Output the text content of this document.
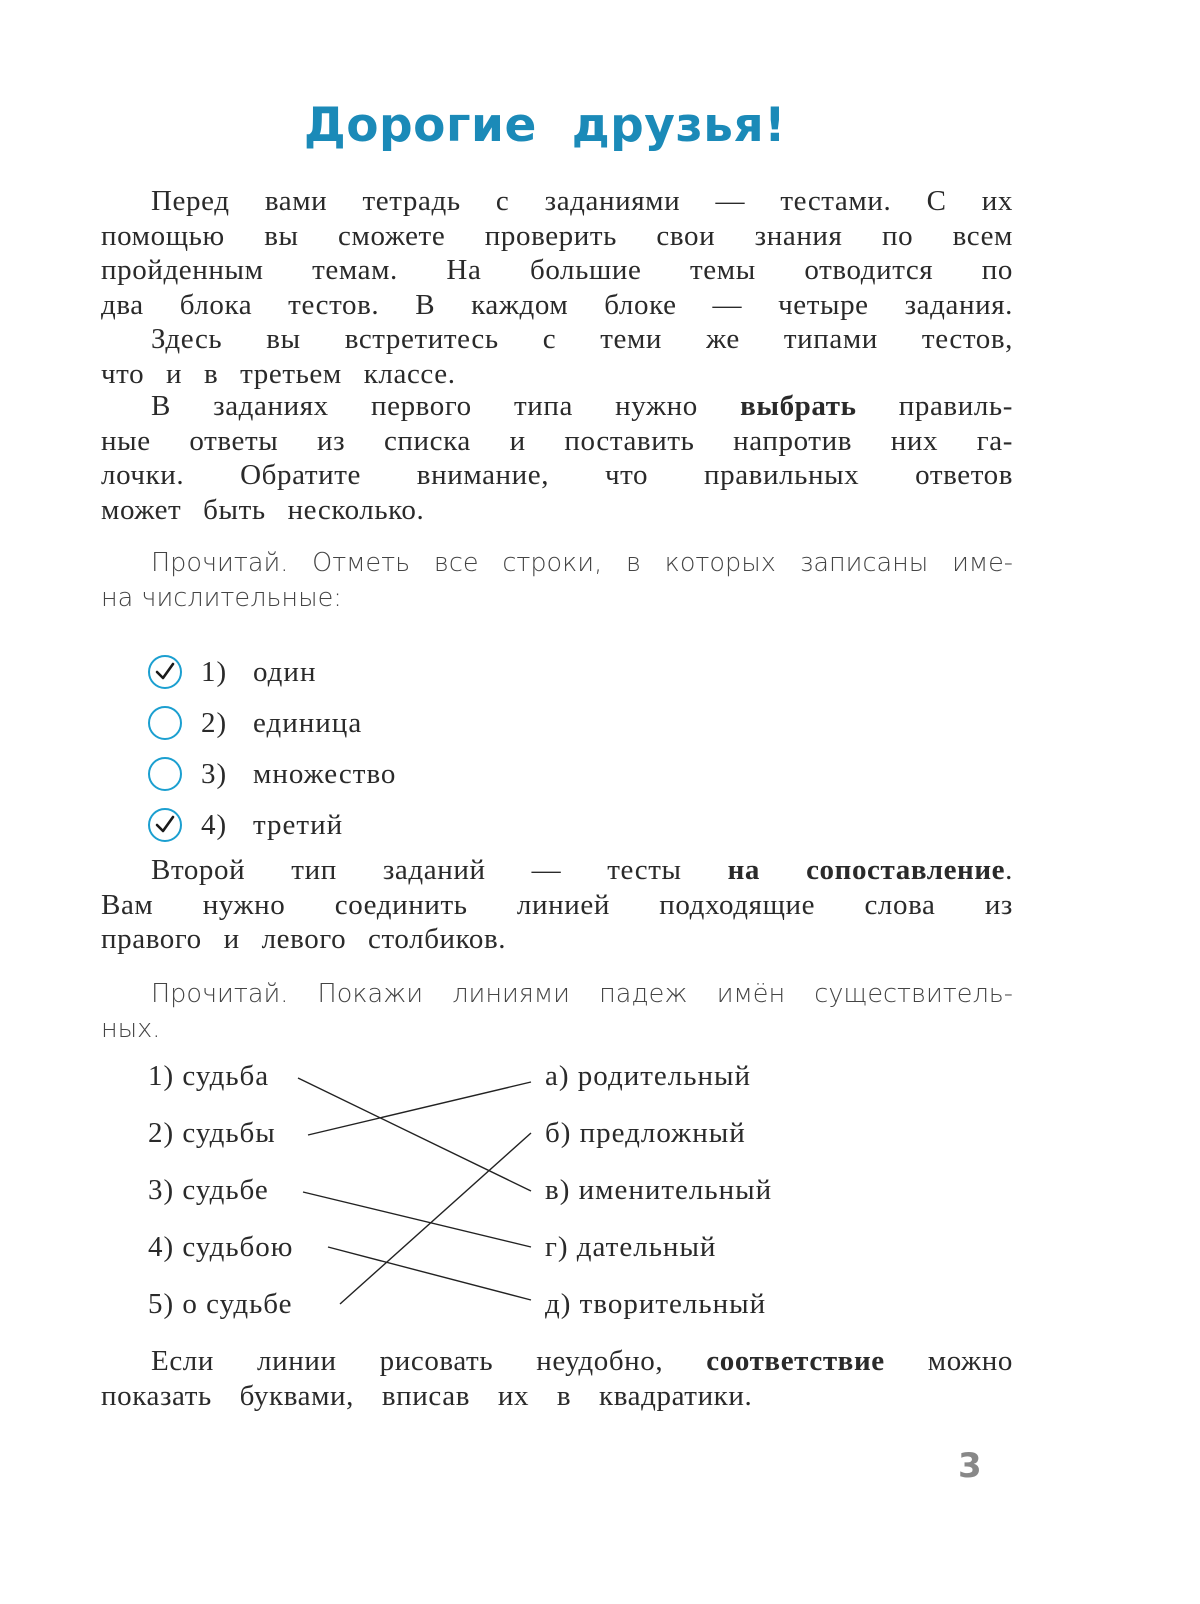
Дорогие друзья!

Перед вами тетрадь с заданиями — тестами. С их
помощью вы сможете проверить свои знания по всем
пройденным темам. На большие темы отводится по
два блока тестов. В каждом блоке — четыре задания.
Здесь вы встретитесь с теми же типами тестов,
что и в третьем классе.

В заданиях первого типа нужно выбрать правиль-
ные ответы из списка и поставить напротив них га-
лочки. Обратите внимание, что правильных ответов
может быть несколько.

Прочитай. Отметь все строки, в которых записаны име-
на числительные:

1) один
2) единица
3) множество
4) третий

Второй тип заданий — тесты на сопоставление.
Вам нужно соединить линией подходящие слова из
правого и левого столбиков.

Прочитай. Покажи линиями падеж имён существитель-
ных.

1) судьба
2) судьбы
3) судьбе
4) судьбою
5) о судьбе
а) родительный
б) предложный
в) именительный
г) дательный
д) творительный

Если линии рисовать неудобно, соответствие можно
показать буквами, вписав их в квадратики.

3
